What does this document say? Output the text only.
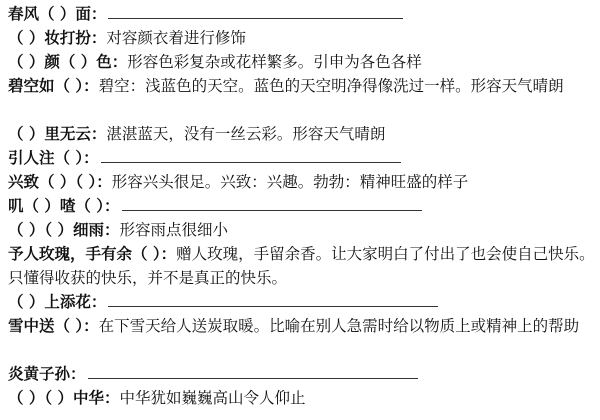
春风（ ）面：
（ ）妆打扮：对容颜衣着进行修饰
（ ）颜（ ）色：形容色彩复杂或花样繁多。引申为各色各样
碧空如（ ）：碧空：浅蓝色的天空。蓝色的天空明净得像洗过一样。形容天气晴朗
（ ）里无云：湛湛蓝天，没有一丝云彩。形容天气晴朗
引人注（ ）：
兴致（ ）（ ）：形容兴头很足。兴致：兴趣。勃勃：精神旺盛的样子
叽（ ）喳（ ）：
（ ）（ ）细雨：形容雨点很细小
予人玫瑰，手有余（ ）：赠人玫瑰，手留余香。让大家明白了付出了也会使自己快乐。只懂得收获的快乐，并不是真正的快乐。
（ ）上添花：
雪中送（ ）：在下雪天给人送炭取暖。比喻在别人急需时给以物质上或精神上的帮助
炎黄子孙：
（ ）（ ）中华：中华犹如巍巍高山令人仰止
